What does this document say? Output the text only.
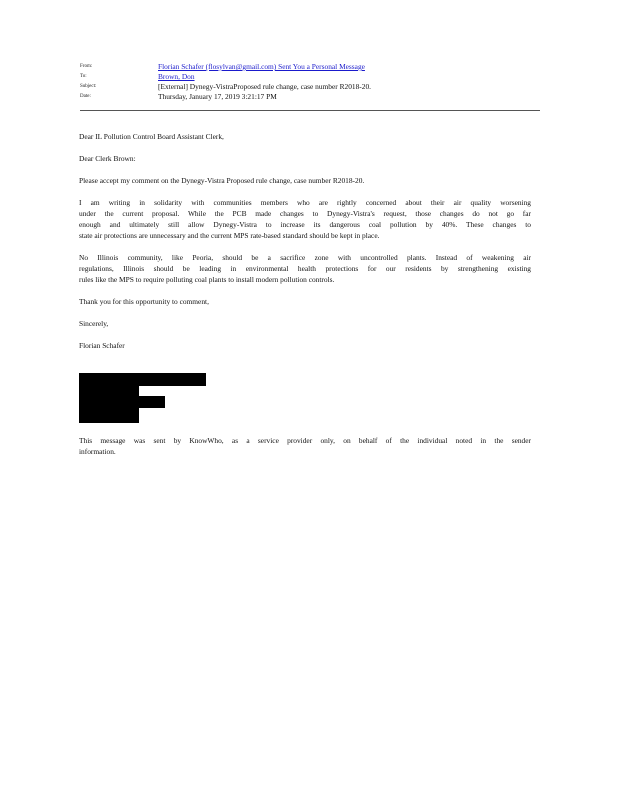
From:	Florian Schafer (flosylvan@gmail.com) Sent You a Personal Message
To:	Brown, Don
Subject:	[External] Dynegy-VistraProposed rule change, case number R2018-20.
Date:	Thursday, January 17, 2019 3:21:17 PM

Dear IL Pollution Control Board Assistant Clerk,

Dear Clerk Brown:

Please accept my comment on the Dynegy-Vistra Proposed rule change, case number R2018-20.

I am writing in solidarity with communities members who are rightly concerned about their air quality worsening
under the current proposal. While the PCB made changes to Dynegy-Vistra's request, those changes do not go far
enough and ultimately still allow Dynegy-Vistra to increase its dangerous coal pollution by 40%. These changes to
state air protections are unnecessary and the current MPS rate-based standard should be kept in place.

No Illinois community, like Peoria, should be a sacrifice zone with uncontrolled plants. Instead of weakening air
regulations, Illinois should be leading in environmental health protections for our residents by strengthening existing
rules like the MPS to require polluting coal plants to install modern pollution controls.

Thank you for this opportunity to comment,

Sincerely,

Florian Schafer

This message was sent by KnowWho, as a service provider only, on behalf of the individual noted in the sender
information.
